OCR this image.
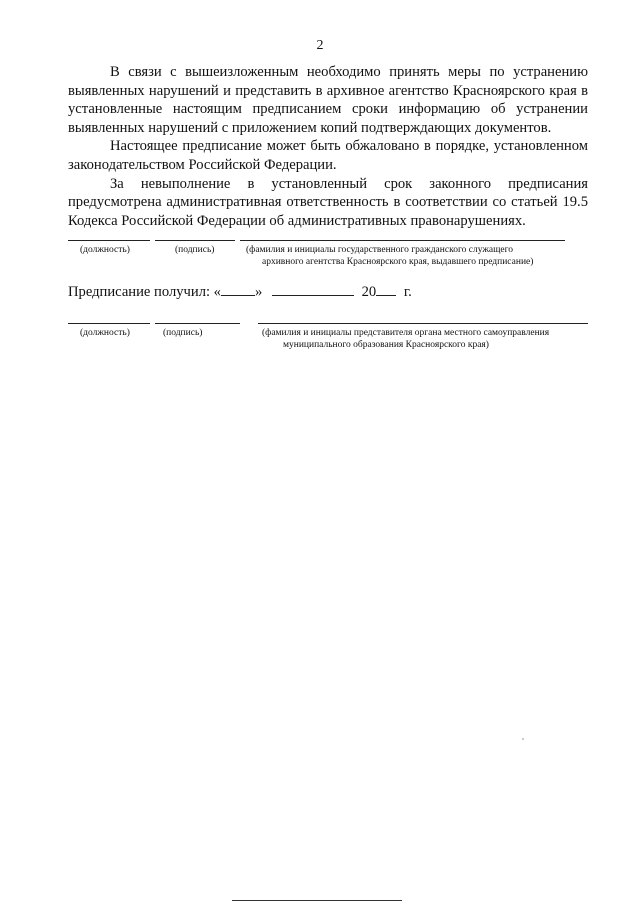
2

В связи с вышеизложенным необходимо принять меры по устранению выявленных нарушений и представить в архивное агентство Красноярского края в установленные настоящим предписанием сроки информацию об устранении выявленных нарушений с приложением копий подтверждающих документов.

Настоящее предписание может быть обжаловано в порядке, установленном законодательством Российской Федерации.

За невыполнение в установленный срок законного предписания предусмотрена административная ответственность в соответствии со статьей 19.5 Кодекса Российской Федерации об административных правонарушениях.

(должность)	(подпись)	(фамилия и инициалы государственного гражданского служащего
архивного агентства Красноярского края, выдавшего предписание)
Предписание получил: « »	20 г.
(должность)	(подпись)	(фамилия и инициалы представителя органа местного самоуправления
муниципального образования Красноярского края)
